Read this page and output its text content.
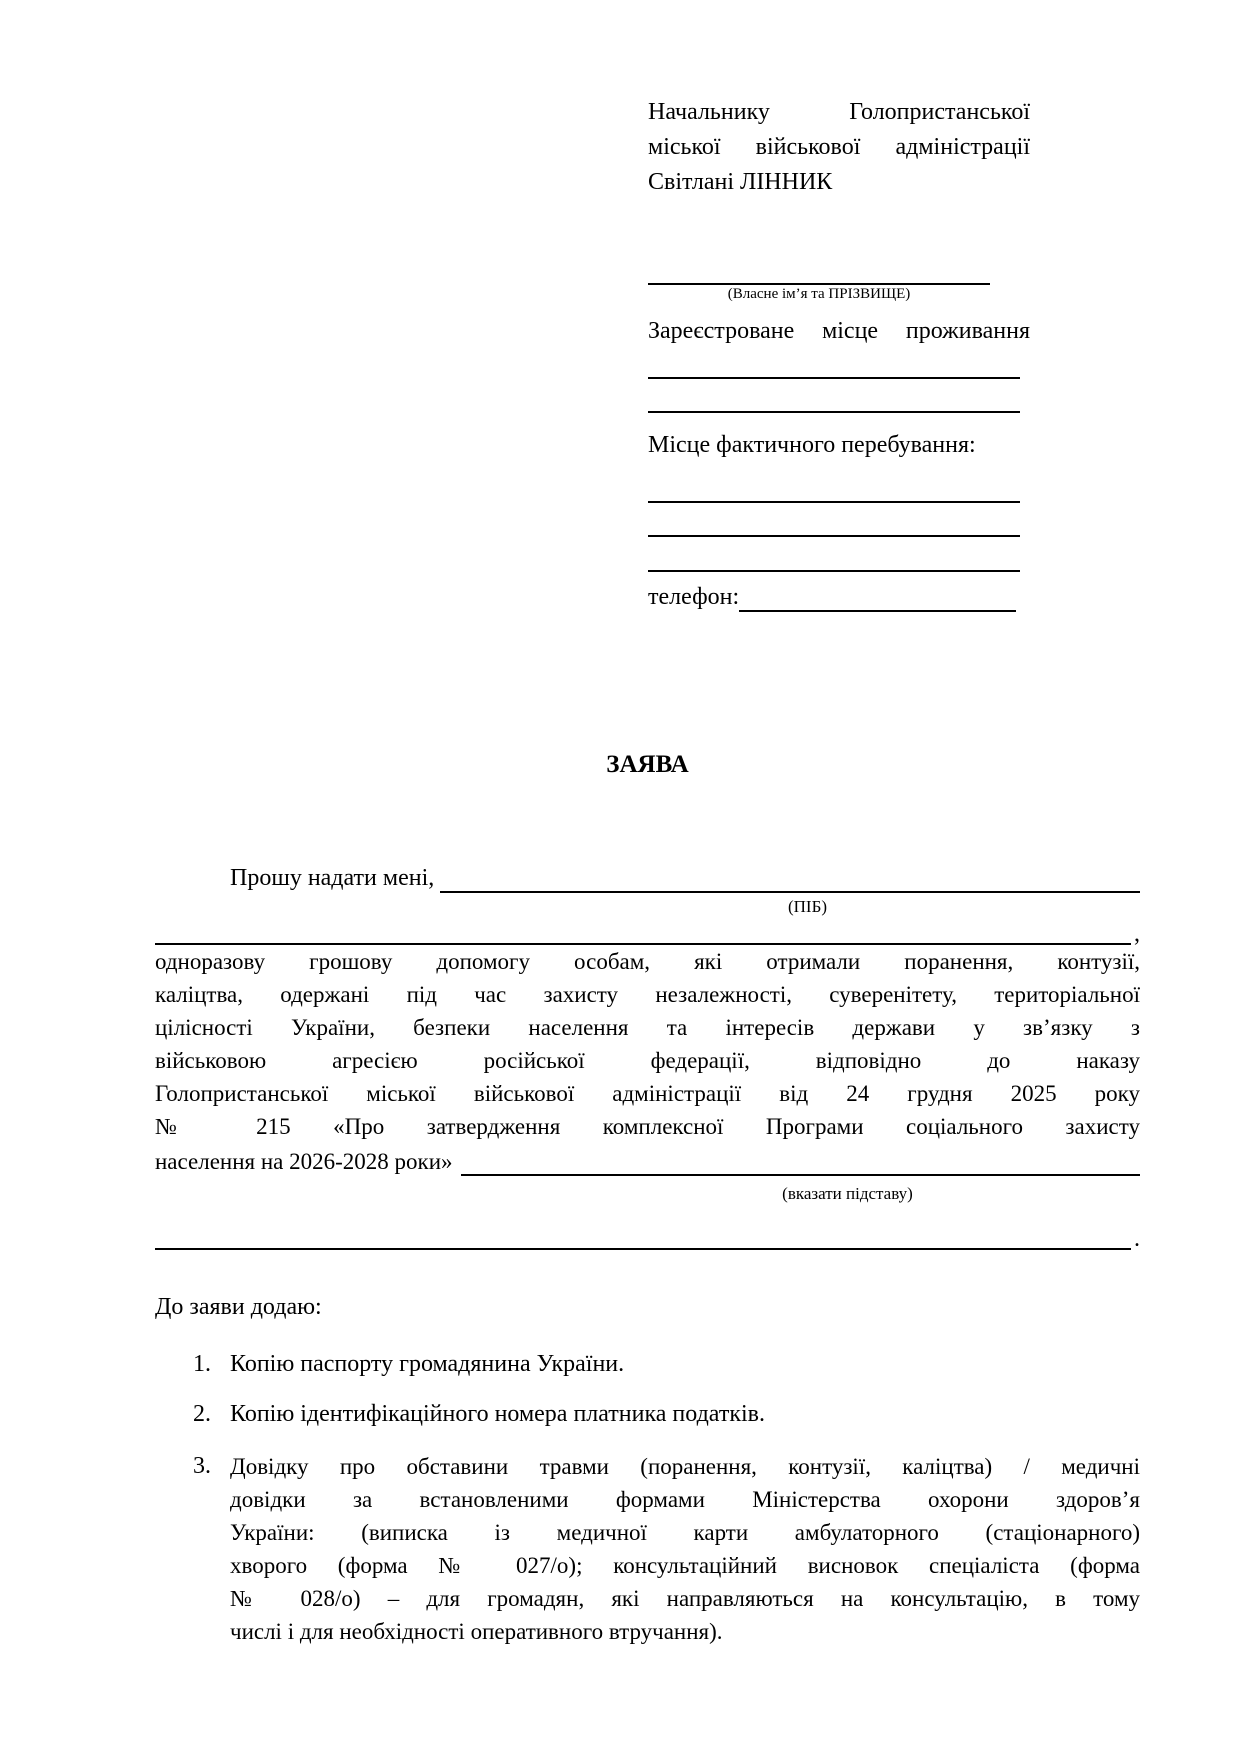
Начальнику Голопристанської
міської військової адміністрації
Світлані ЛІННИК
(Власне ім’я та ПРІЗВИЩЕ)
Зареєстроване місце проживання
Місце фактичного перебування:
телефон:
ЗАЯВА
Прошу надати мені,
(ПІБ)
,
одноразову грошову допомогу особам, які отримали поранення, контузії,
каліцтва, одержані під час захисту незалежності, суверенітету, територіальної
цілісності України, безпеки населення та інтересів держави у зв’язку з
військовою агресією російської федерації, відповідно до наказу
Голопристанської міської військової адміністрації від 24 грудня 2025 року
№ 215 «Про затвердження комплексної Програми соціального захисту
населення на 2026-2028 роки»
(вказати підставу)
.
До заяви додаю:
1. Копію паспорту громадянина України.
2. Копію ідентифікаційного номера платника податків.
3. Довідку про обставини травми (поранення, контузії, каліцтва) / медичні
довідки за встановленими формами Міністерства охорони здоров’я
України: (виписка із медичної карти амбулаторного (стаціонарного)
хворого (форма № 027/о); консультаційний висновок спеціаліста (форма
№ 028/о) – для громадян, які направляються на консультацію, в тому
числі і для необхідності оперативного втручання).
